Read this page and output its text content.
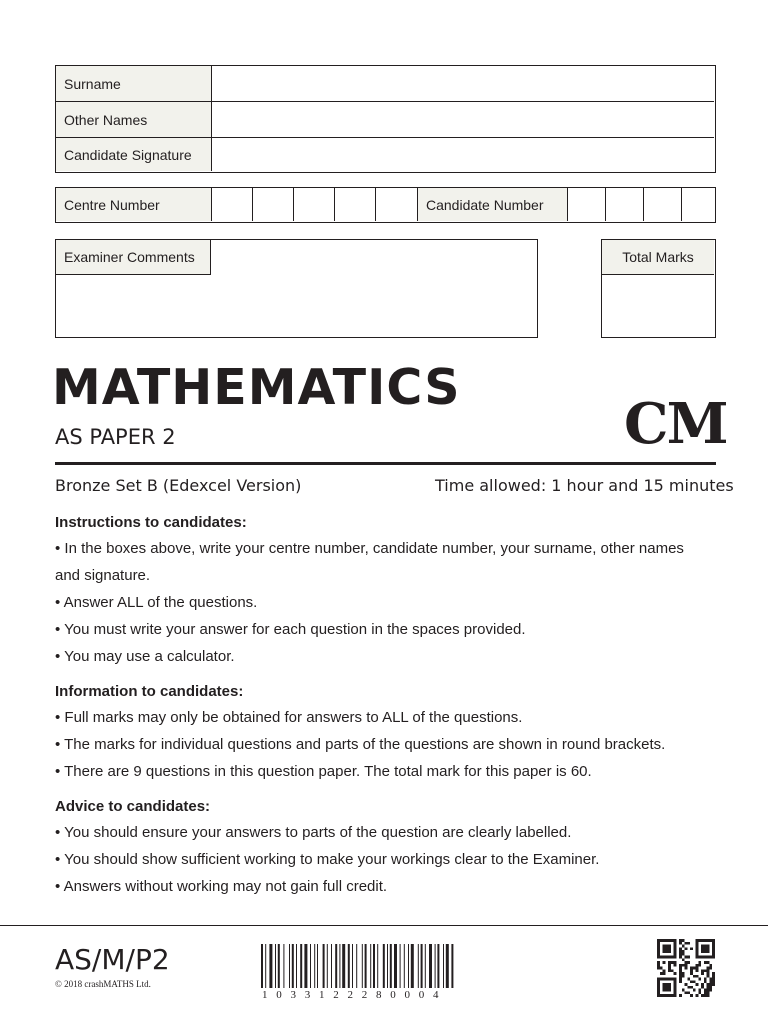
Surname
Other Names
Candidate Signature
Centre Number	Candidate Number
Examiner Comments	Total Marks
MATHEMATICS
AS PAPER 2	CM
Bronze Set B (Edexcel Version)	Time allowed: 1 hour and 15 minutes
Instructions to candidates:
• In the boxes above, write your centre number, candidate number, your surname, other names
and signature.
• Answer ALL of the questions.
• You must write your answer for each question in the spaces provided.
• You may use a calculator.
Information to candidates:
• Full marks may only be obtained for answers to ALL of the questions.
• The marks for individual questions and parts of the questions are shown in round brackets.
• There are 9 questions in this question paper. The total mark for this paper is 60.
Advice to candidates:
• You should ensure your answers to parts of the question are clearly labelled.
• You should show sufficient working to make your workings clear to the Examiner.
• Answers without working may not gain full credit.
AS/M/P2
© 2018 crashMATHS Ltd.
1 0 3 3 1 2 2 2 8 0 0 0 4
